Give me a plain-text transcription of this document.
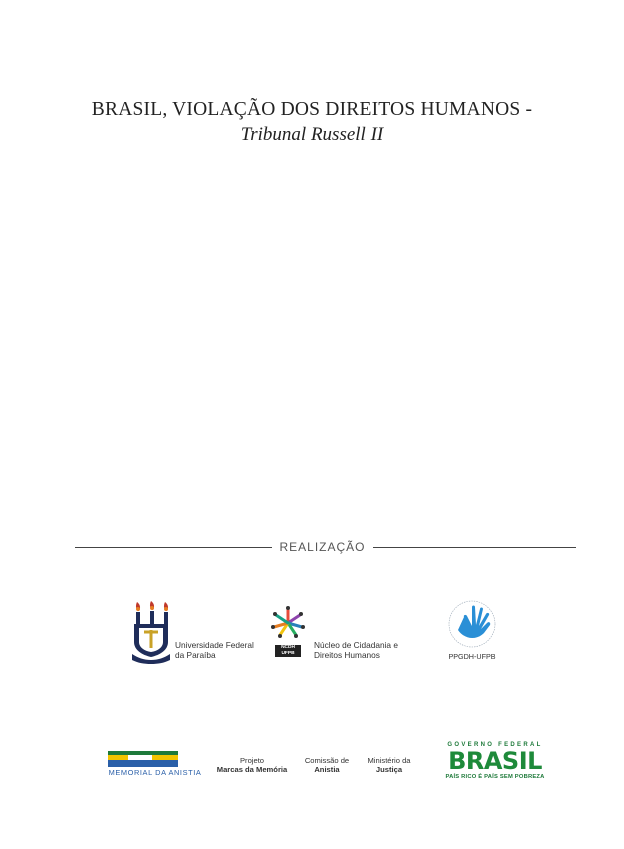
BRASIL, VIOLAÇÃO DOS DIREITOS HUMANOS -
Tribunal Russell II
REALIZAÇÃO
Universidade Federal
da Paraíba
NCDH UFPB
Núcleo de Cidadania e
Direitos Humanos	PPGDH-UFPB
MEMORIAL DA ANISTIA
Projeto
Marcas da Memória
Comissão de
Anistia
Ministério da
Justiça
GOVERNO FEDERAL
BRASIL
PAÍS RICO É PAÍS SEM POBREZA
